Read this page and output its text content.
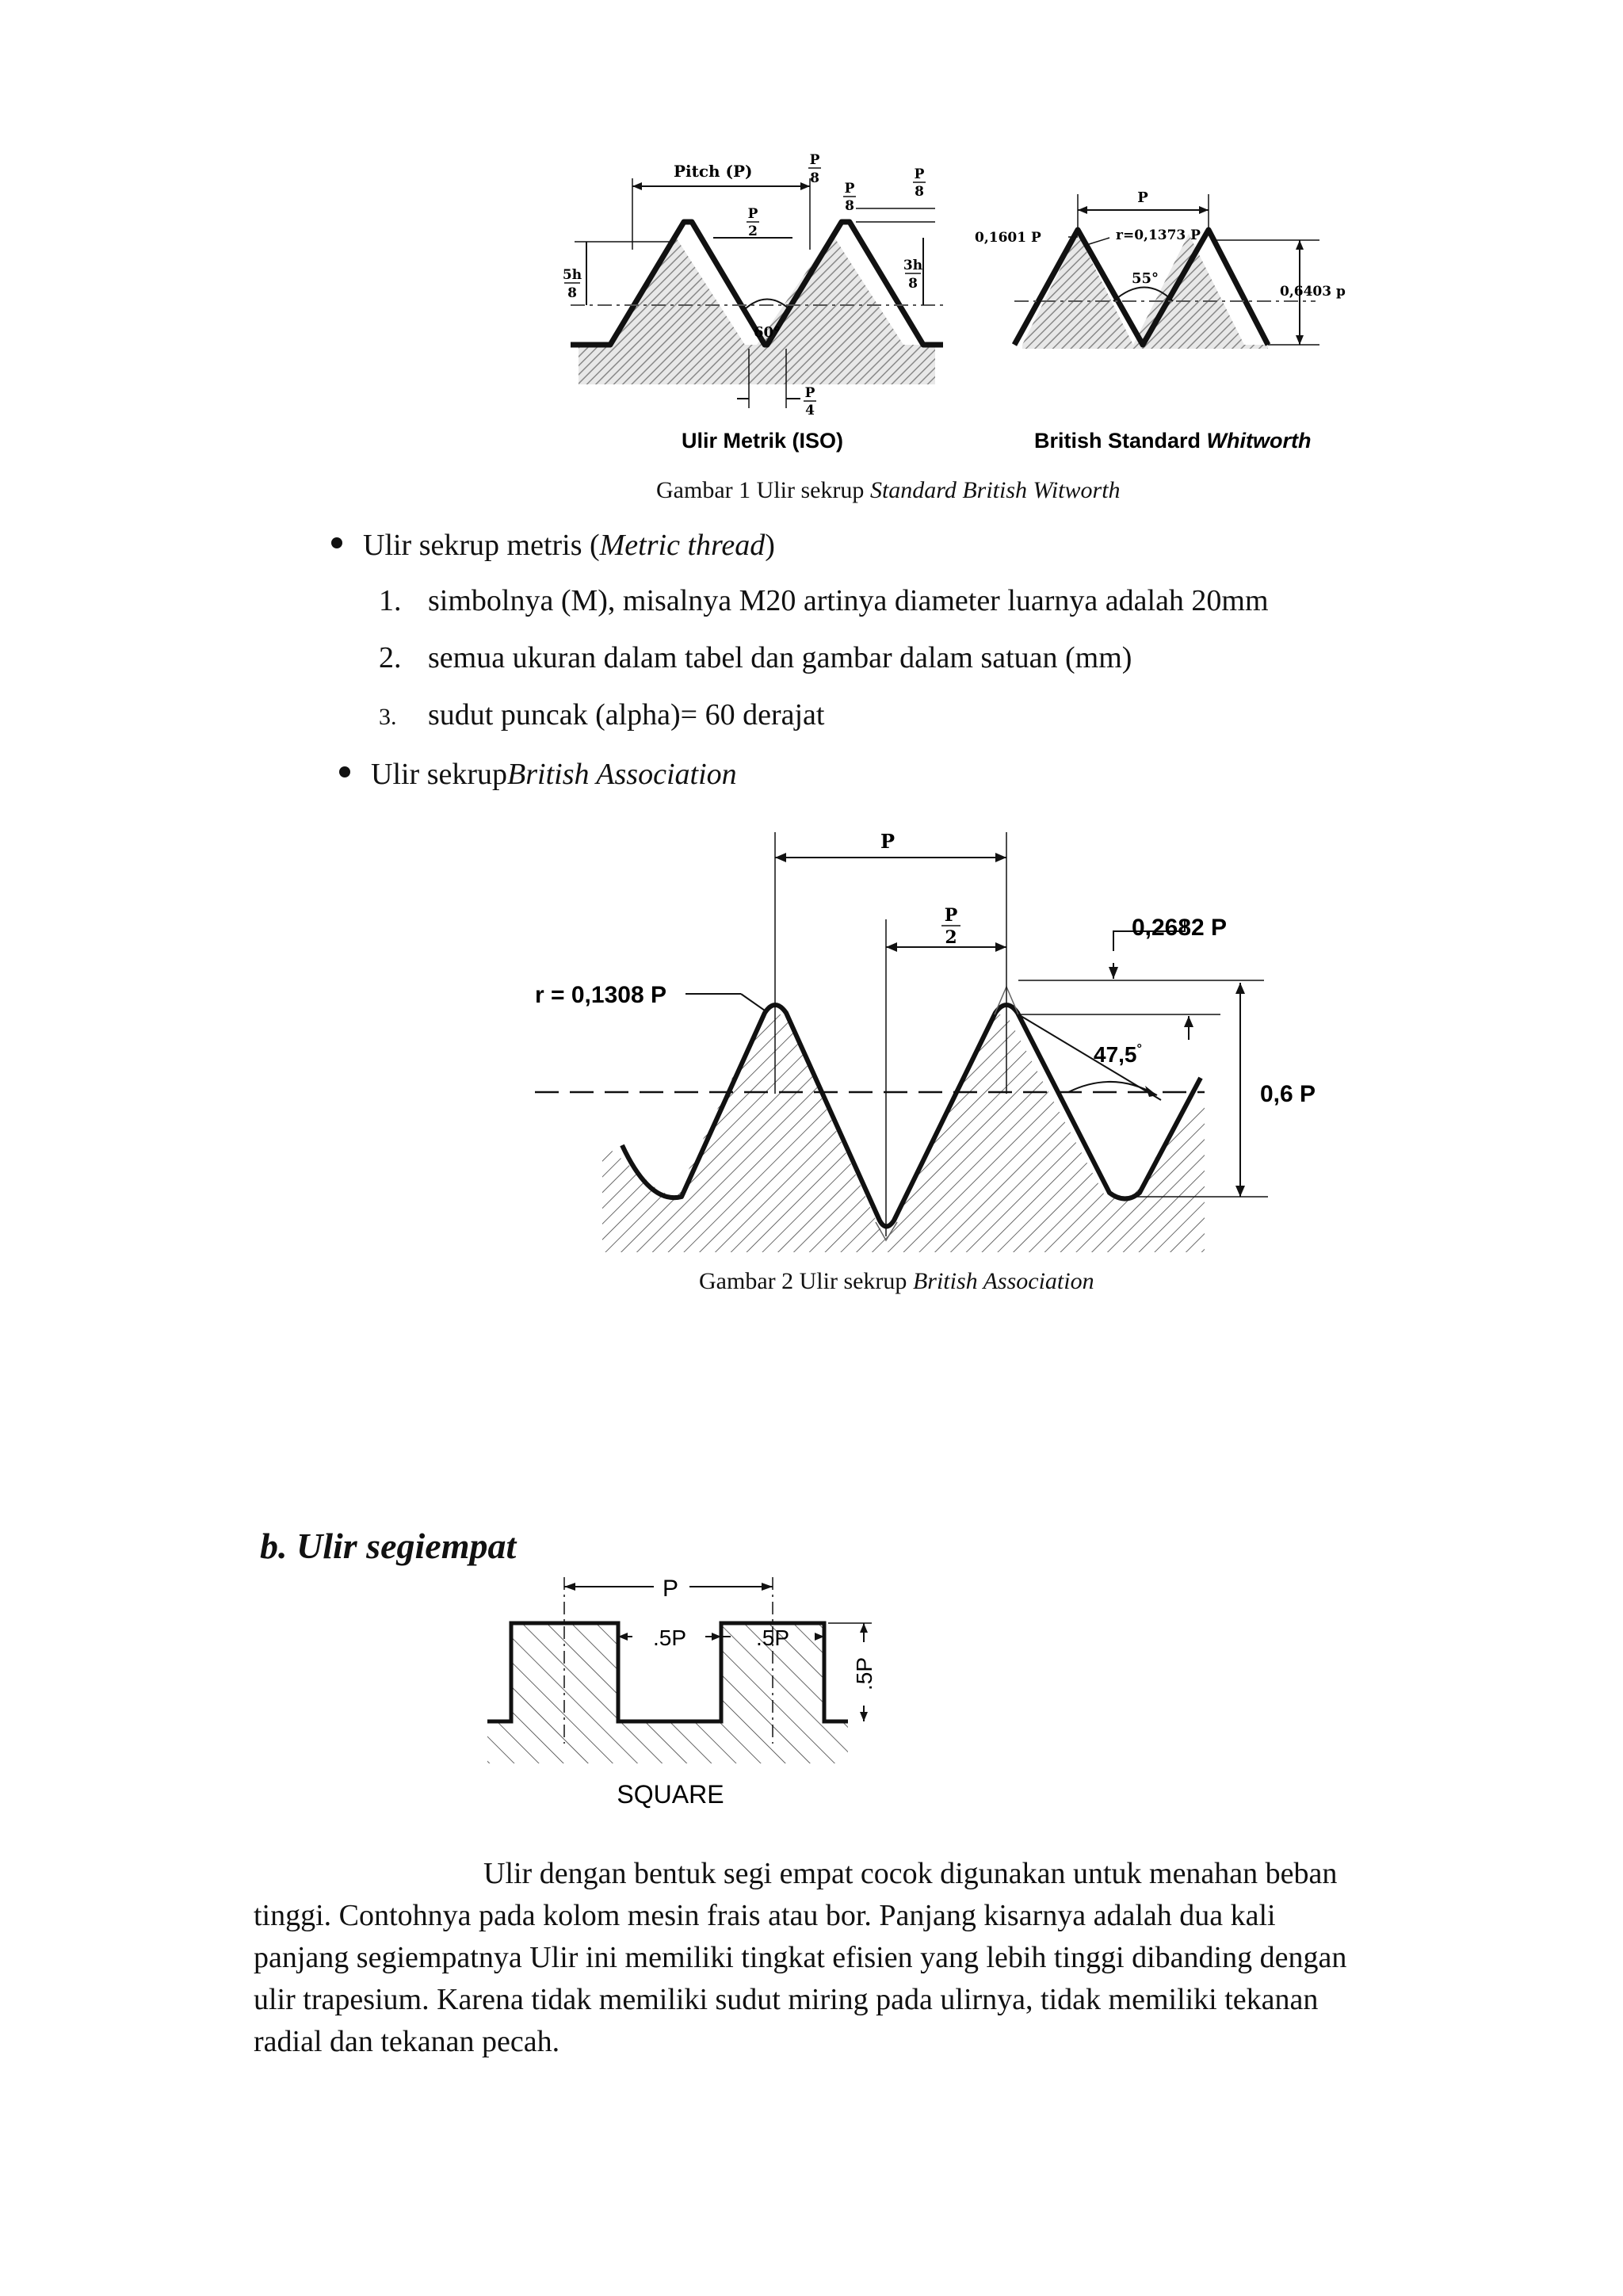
Pitch (P)
P
8
P
2
P
8
P
8
5h
8
3h
8
60°
P
4
P
0,1601 P	r=0,1373 P
55°
0,6403 p
Ulir Metrik (ISO)	British Standard Whitworth
Gambar 1 Ulir sekrup Standard British Witworth
Ulir sekrup metris ( Metric thread )
1. simbolnya (M), misalnya M20 artinya diameter luarnya adalah 20mm
2. semua ukuran dalam tabel dan gambar dalam satuan (mm)
3. sudut puncak (alpha)= 60 derajat
Ulir sekrup British Association
P
P
2	0,2682 P
r = 0,1308 P
47,5°
0,6 P
Gambar 2 Ulir sekrup British Association
b. Ulir segiempat
P
.5P	.5P
.5P
SQUARE

Ulir dengan bentuk segi empat cocok digunakan untuk menahan beban

tinggi. Contohnya pada kolom mesin frais atau bor. Panjang kisarnya adalah dua kali

panjang segiempatnya Ulir ini memiliki tingkat efisien yang lebih tinggi dibanding dengan

ulir trapesium. Karena tidak memiliki sudut miring pada ulirnya, tidak memiliki tekanan

radial dan tekanan pecah.
